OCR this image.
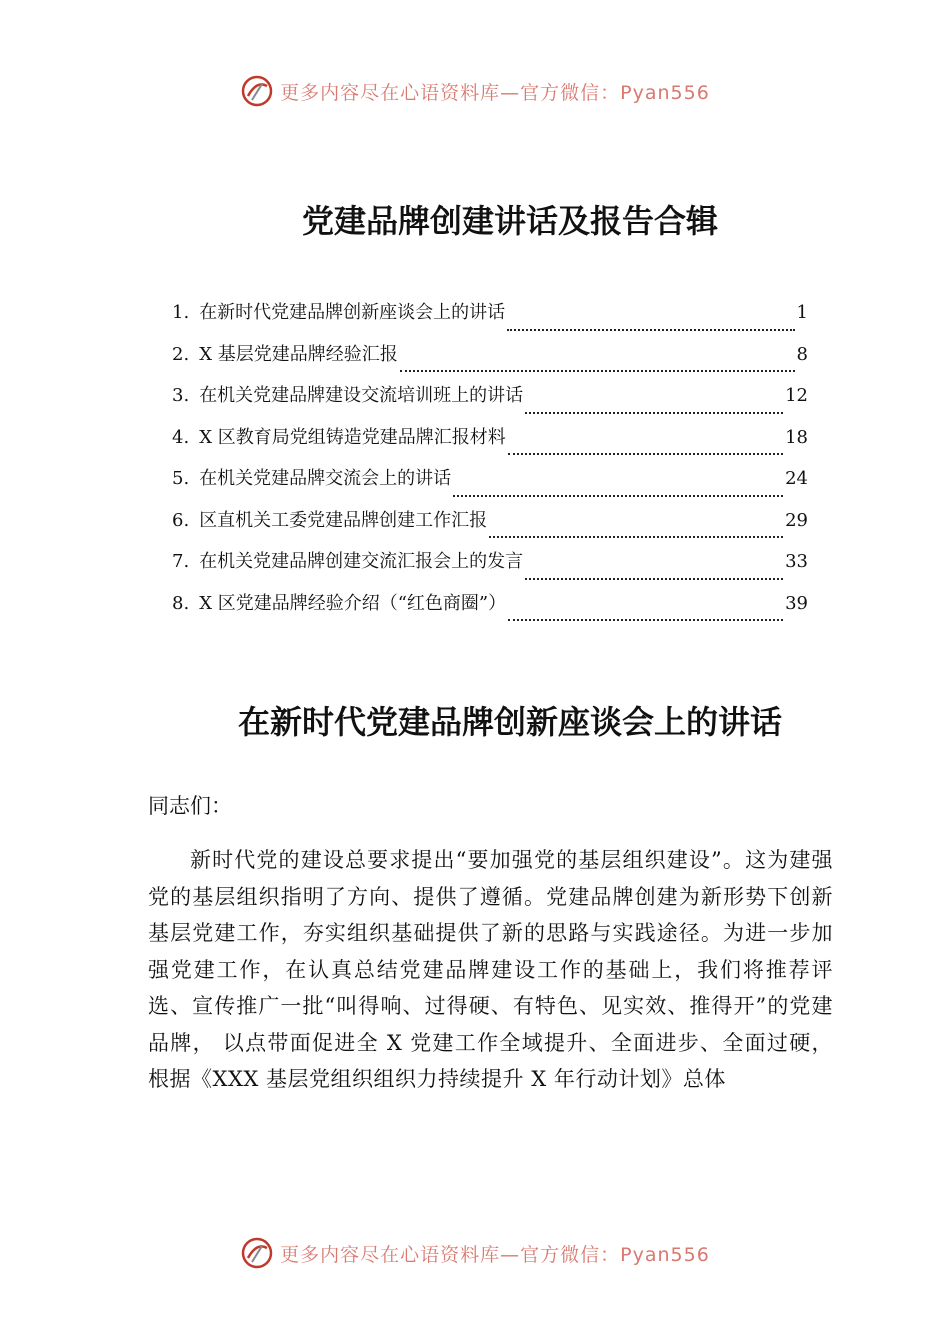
更多内容尽在心语资料库—官方微信：Pyan556
党建品牌创建讲话及报告合辑
1. 在新时代党建品牌创新座谈会上的讲话	1
2. X 基层党建品牌经验汇报	8
3. 在机关党建品牌建设交流培训班上的讲话	12
4. X 区教育局党组铸造党建品牌汇报材料	18
5. 在机关党建品牌交流会上的讲话	24
6. 区直机关工委党建品牌创建工作汇报	29
7. 在机关党建品牌创建交流汇报会上的发言	33
8. X 区党建品牌经验介绍（“红色商圈”）	39
在新时代党建品牌创新座谈会上的讲话
同志们：
新时代党的建设总要求提出“要加强党的基层组织建设”。这为建强党的基层组织指明了方向、提供了遵循。党建品牌创建为新形势下创新基层党建工作，夯实组织基础提供了新的思路与实践途径。为进一步加强党建工作，在认真总结党建品牌建设工作的基础上，我们将推荐评选、宣传推广一批“叫得响、过得硬、有特色、见实效、推得开”的党建品牌， 以点带面促进全 X 党建工作全域提升、全面进步、全面过硬， 根据《XXX 基层党组织组织力持续提升 X 年行动计划》总体
更多内容尽在心语资料库—官方微信：Pyan556
